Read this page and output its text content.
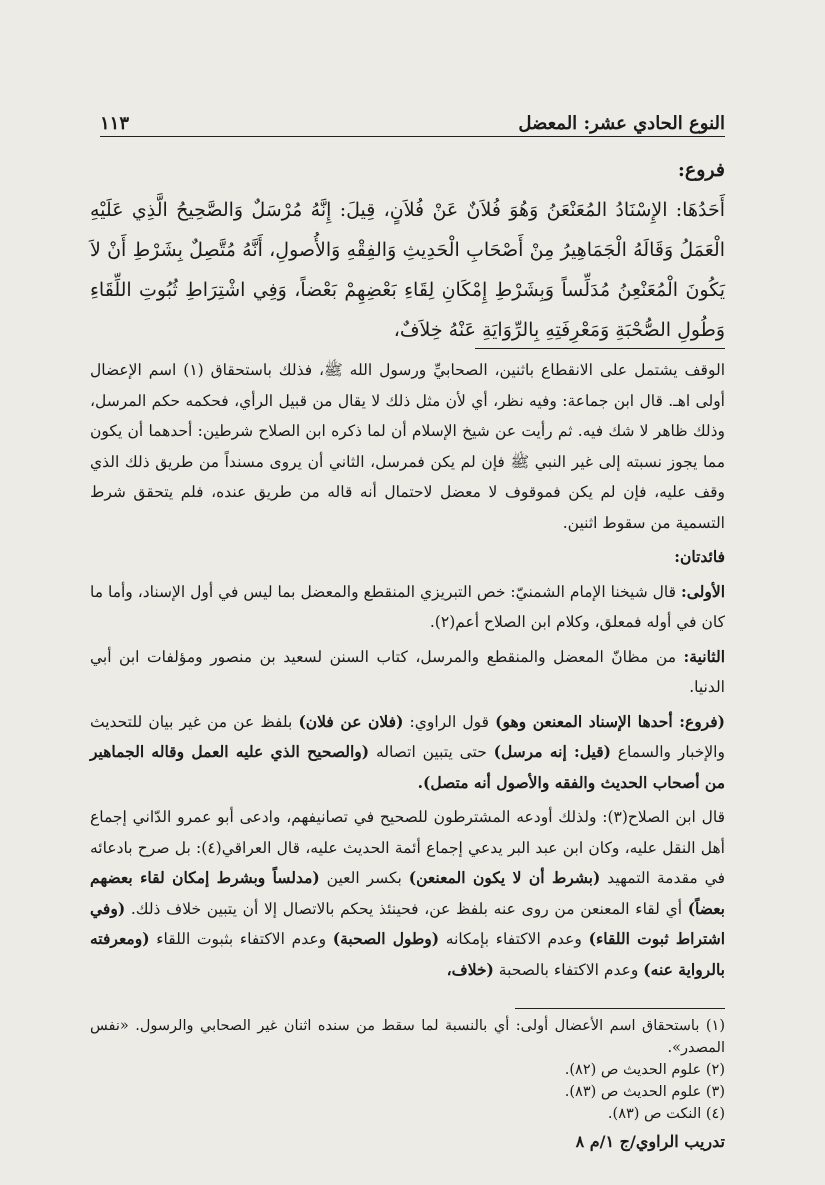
النوع الحادي عشر: المعضل
١١٣

فروع:

أَحَدُهَا: الإِسْنَادُ المُعَنْعَنُ وَهُوَ فُلاَنٌ عَنْ فُلاَنٍ، قِيلَ: إِنَّهُ مُرْسَلٌ وَالصَّحِيحُ الَّذِي عَلَيْهِ الْعَمَلُ وَقَالَهُ الْجَمَاهِيرُ مِنْ أَصْحَابِ الْحَدِيثِ وَالفِقْهِ وَالأُصولِ، أَنَّهُ مُتَّصِلٌ بِشَرْطِ أَنْ لاَ يَكُونَ الْمُعَنْعِنُ مُدَلِّساً وَبِشَرْطِ إِمْكَانِ لِقَاءِ بَعْضِهِمْ بَعْضاً، وَفِي اشْتِرَاطِ ثُبُوتِ اللِّقَاءِ وَطُولِ الصُّحْبَةِ وَمَعْرِفَتِهِ بِالرِّوَايَةِ عَنْهُ خِلاَفٌ،

الوقف يشتمل على الانقطاع باثنين، الصحابيِّ ورسول الله ﷺ، فذلك باستحقاق (١) اسم الإعضال أولى اهـ. قال ابن جماعة: وفيه نظر، أي لأن مثل ذلك لا يقال من قبيل الرأي، فحكمه حكم المرسل، وذلك ظاهر لا شك فيه. ثم رأيت عن شيخ الإسلام أن لما ذكره ابن الصلاح شرطين: أحدهما أن يكون مما يجوز نسبته إلى غير النبي ﷺ فإن لم يكن فمرسل، الثاني أن يروى مسنداً من طريق ذلك الذي وقف عليه، فإن لم يكن فموقوف لا معضل لاحتمال أنه قاله من طريق عنده، فلم يتحقق شرط التسمية من سقوط اثنين.

فائدتان:

الأولى: قال شيخنا الإمام الشمنيّ: خص التبريزي المنقطع والمعضل بما ليس في أول الإسناد، وأما ما كان في أوله فمعلق، وكلام ابن الصلاح أعم(٢).

الثانية: من مظانّ المعضل والمنقطع والمرسل، كتاب السنن لسعيد بن منصور ومؤلفات ابن أبي الدنيا.

(فروع: أحدها الإسناد المعنعن وهو) قول الراوي: (فلان عن فلان) بلفظ عن من غير بيان للتحديث والإخبار والسماع (قيل: إنه مرسل) حتى يتبين اتصاله (والصحيح الذي عليه العمل وقاله الجماهير من أصحاب الحديث والفقه والأصول أنه متصل).

قال ابن الصلاح(٣): ولذلك أودعه المشترطون للصحيح في تصانيفهم، وادعى أبو عمرو الدّاني إجماع أهل النقل عليه، وكان ابن عبد البر يدعي إجماع أئمة الحديث عليه، قال العراقي(٤): بل صرح بادعائه في مقدمة التمهيد (بشرط أن لا يكون المعنعن) بكسر العين (مدلساً وبشرط إمكان لقاء بعضهم بعضاً) أي لقاء المعنعن من روى عنه بلفظ عن، فحينئذ يحكم بالاتصال إلا أن يتبين خلاف ذلك. (وفي اشتراط ثبوت اللقاء) وعدم الاكتفاء بإمكانه (وطول الصحبة) وعدم الاكتفاء بثبوت اللقاء (ومعرفته بالرواية عنه) وعدم الاكتفاء بالصحبة (خلاف،

(١) باستحقاق اسم الأعضال أولى: أي بالنسبة لما سقط من سنده اثنان غير الصحابي والرسول. «نفس المصدر».

(٢) علوم الحديث ص (٨٢).

(٣) علوم الحديث ص (٨٣).

(٤) النكت ص (٨٣).

تدريب الراوي/ج ١/م ٨
